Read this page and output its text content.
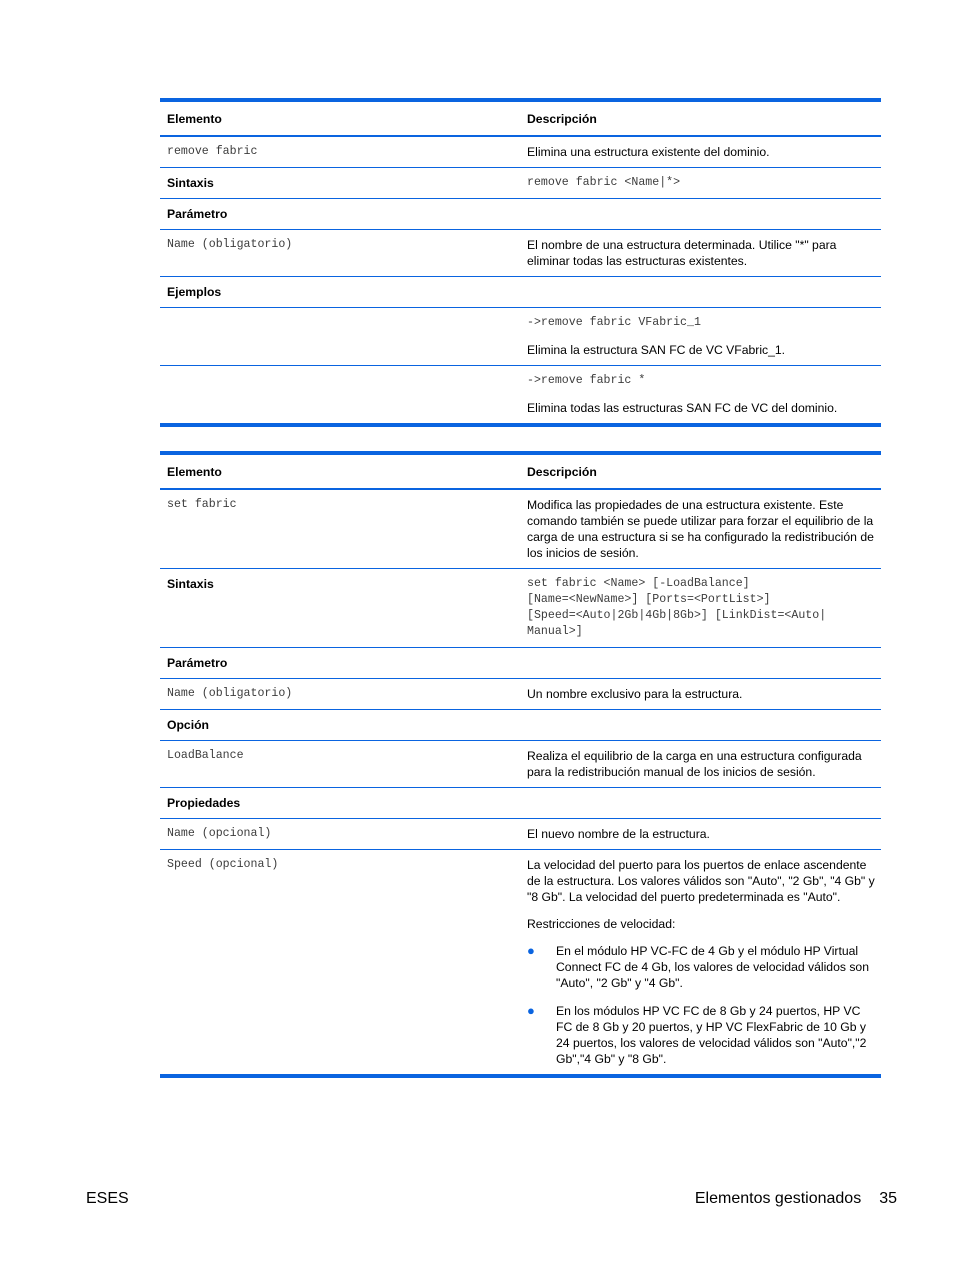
Elemento	Descripción
remove fabric	Elimina una estructura existente del dominio.
Sintaxis	remove fabric <Name|*>
Parámetro
Name (obligatorio)	El nombre de una estructura determinada. Utilice "*" para eliminar todas las estructuras existentes.
Ejemplos
->remove fabric VFabric_1
Elimina la estructura SAN FC de VC VFabric_1.
->remove fabric *
Elimina todas las estructuras SAN FC de VC del dominio.
Elemento	Descripción
set fabric	Modifica las propiedades de una estructura existente. Este comando también se puede utilizar para forzar el equilibrio de la carga de una estructura si se ha configurado la redistribución de los inicios de sesión.
Sintaxis	set fabric <Name> [-LoadBalance]
[Name=<NewName>] [Ports=<PortList>]
[Speed=<Auto|2Gb|4Gb|8Gb>] [LinkDist=<Auto|
Manual>]
Parámetro
Name (obligatorio)	Un nombre exclusivo para la estructura.
Opción
LoadBalance	Realiza el equilibrio de la carga en una estructura configurada para la redistribución manual de los inicios de sesión.
Propiedades
Name (opcional)	El nuevo nombre de la estructura.
Speed (opcional)	La velocidad del puerto para los puertos de enlace ascendente de la estructura. Los valores válidos son "Auto", "2 Gb", "4 Gb" y "8 Gb". La velocidad del puerto predeterminada es "Auto".
Restricciones de velocidad:
●	En el módulo HP VC-FC de 4 Gb y el módulo HP Virtual Connect FC de 4 Gb, los valores de velocidad válidos son "Auto", "2 Gb" y "4 Gb".
●	En los módulos HP VC FC de 8 Gb y 24 puertos, HP VC FC de 8 Gb y 20 puertos, y HP VC FlexFabric de 10 Gb y 24 puertos, los valores de velocidad válidos son "Auto","2 Gb","4 Gb" y "8 Gb".
ESES	Elementos gestionados 35
